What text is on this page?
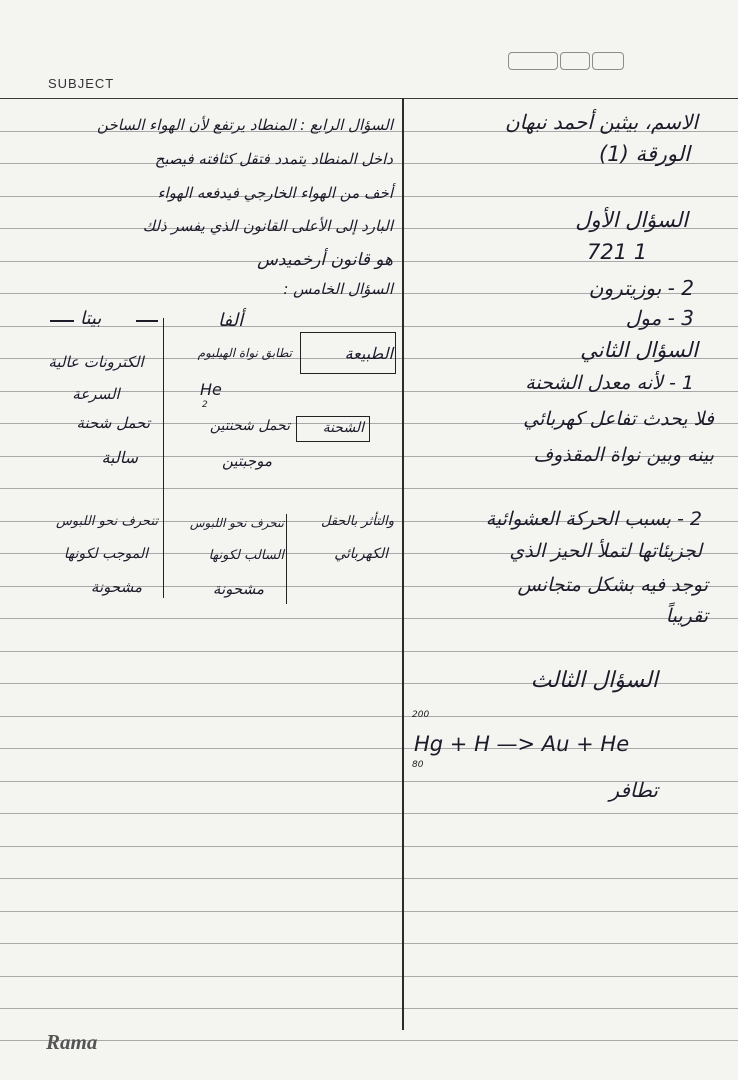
SUBJECT
الاسم، بيثين أحمد نبهان
الورقة (1)
السؤال الأول
721 1
2 - بوزيترون
3 - مول
السؤال الثاني
1 - لأنه معدل الشحنة
فلا يحدث تفاعل كهربائي
بينه وبين نواة المقذوف
2 - بسبب الحركة العشوائية
لجزيئاتها لتملأ الحيز الذي
توجد فيه بشكل متجانس
تقريباً
السؤال الثالث
200
80
Hg + H —> Au + He
تطافر
السؤال الرابع : المنطاد يرتفع لأن الهواء الساخن
داخل المنطاد يتمدد فتقل كثافته فيصبح
أخف من الهواء الخارجي فيدفعه الهواء
البارد إلى الأعلى القانون الذي يفسر ذلك
هو قانون أرخميدس
السؤال الخامس :
ألفا
بيتا
الطبيعة
تطابق نواة الهيليوم
He
2
الكترونات عالية السرعة
الشحنة
تحمل شحنتين
موجبتين
تحمل شحنة
سالبة
والتأثر بالحقل
الكهربائي
تنحرف نحو اللبوس
السالب لكونها
مشحونة
تنحرف نحو اللبوس
الموجب لكونها
مشحونة
Rama
